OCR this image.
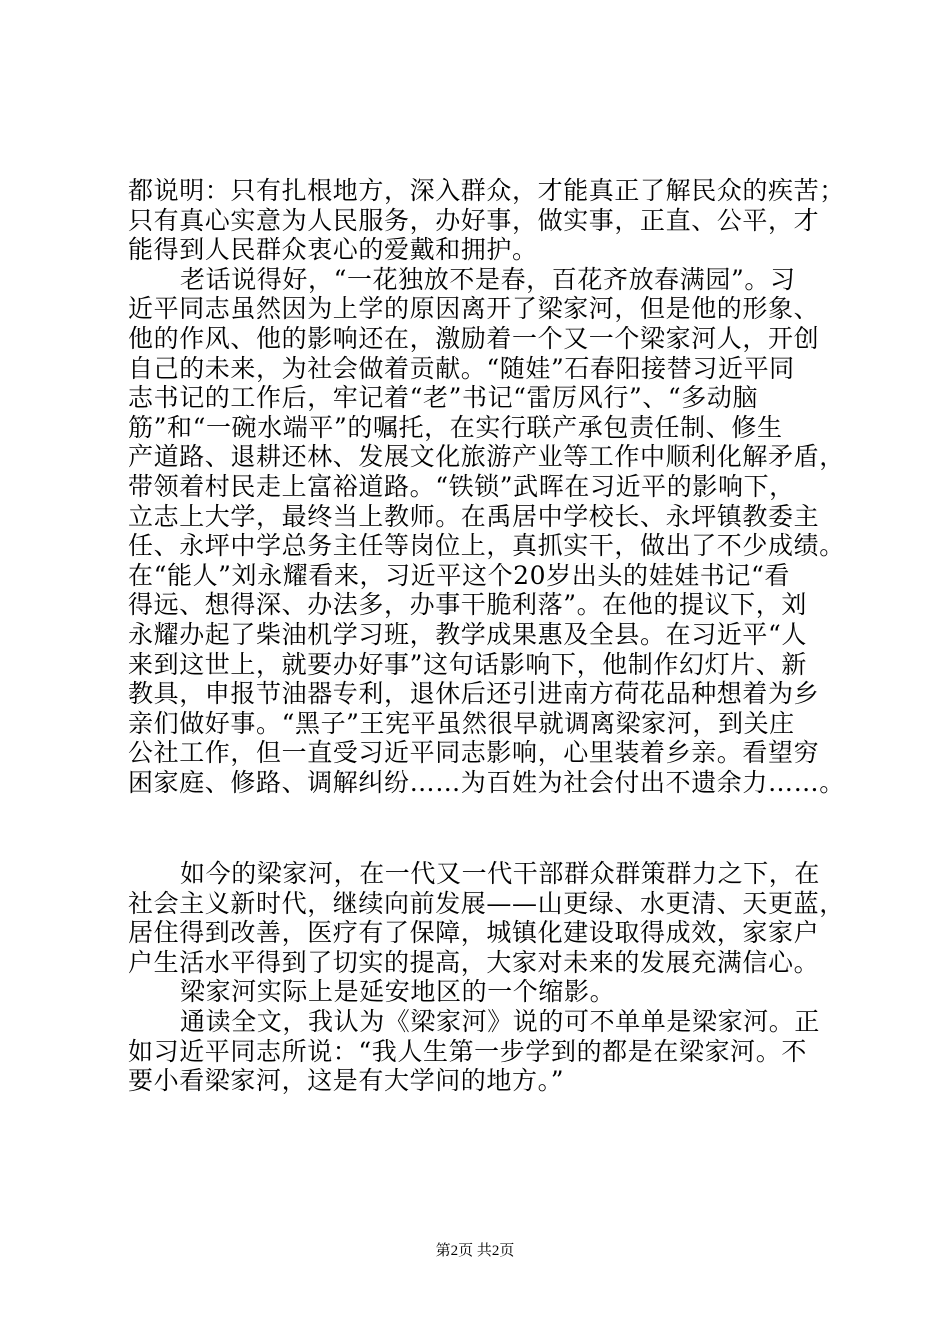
都说明：只有扎根地方，深入群众，才能真正了解民众的疾苦；
只有真心实意为人民服务，办好事，做实事，正直、公平，才
能得到人民群众衷心的爱戴和拥护。
老话说得好，“一花独放不是春，百花齐放春满园”。习
近平同志虽然因为上学的原因离开了梁家河，但是他的形象、
他的作风、他的影响还在，激励着一个又一个梁家河人，开创
自己的未来，为社会做着贡献。“随娃”石春阳接替习近平同
志书记的工作后，牢记着“老”书记“雷厉风行”、“多动脑
筋”和“一碗水端平”的嘱托，在实行联产承包责任制、修生
产道路、退耕还林、发展文化旅游产业等工作中顺利化解矛盾，
带领着村民走上富裕道路。“铁锁”武晖在习近平的影响下，
立志上大学，最终当上教师。在禹居中学校长、永坪镇教委主
任、永坪中学总务主任等岗位上，真抓实干，做出了不少成绩。
在“能人”刘永耀看来，习近平这个20岁出头的娃娃书记“看
得远、想得深、办法多，办事干脆利落”。在他的提议下，刘
永耀办起了柴油机学习班，教学成果惠及全县。在习近平“人
来到这世上，就要办好事”这句话影响下，他制作幻灯片、新
教具，申报节油器专利，退休后还引进南方荷花品种想着为乡
亲们做好事。“黑子”王宪平虽然很早就调离梁家河，到关庄
公社工作，但一直受习近平同志影响，心里装着乡亲。看望穷
困家庭、修路、调解纠纷……为百姓为社会付出不遗余力……。
如今的梁家河，在一代又一代干部群众群策群力之下，在
社会主义新时代，继续向前发展——山更绿、水更清、天更蓝，
居住得到改善，医疗有了保障，城镇化建设取得成效，家家户
户生活水平得到了切实的提高，大家对未来的发展充满信心。
梁家河实际上是延安地区的一个缩影。
通读全文，我认为《梁家河》说的可不单单是梁家河。正
如习近平同志所说：“我人生第一步学到的都是在梁家河。不
要小看梁家河，这是有大学问的地方。”
第2页 共2页
